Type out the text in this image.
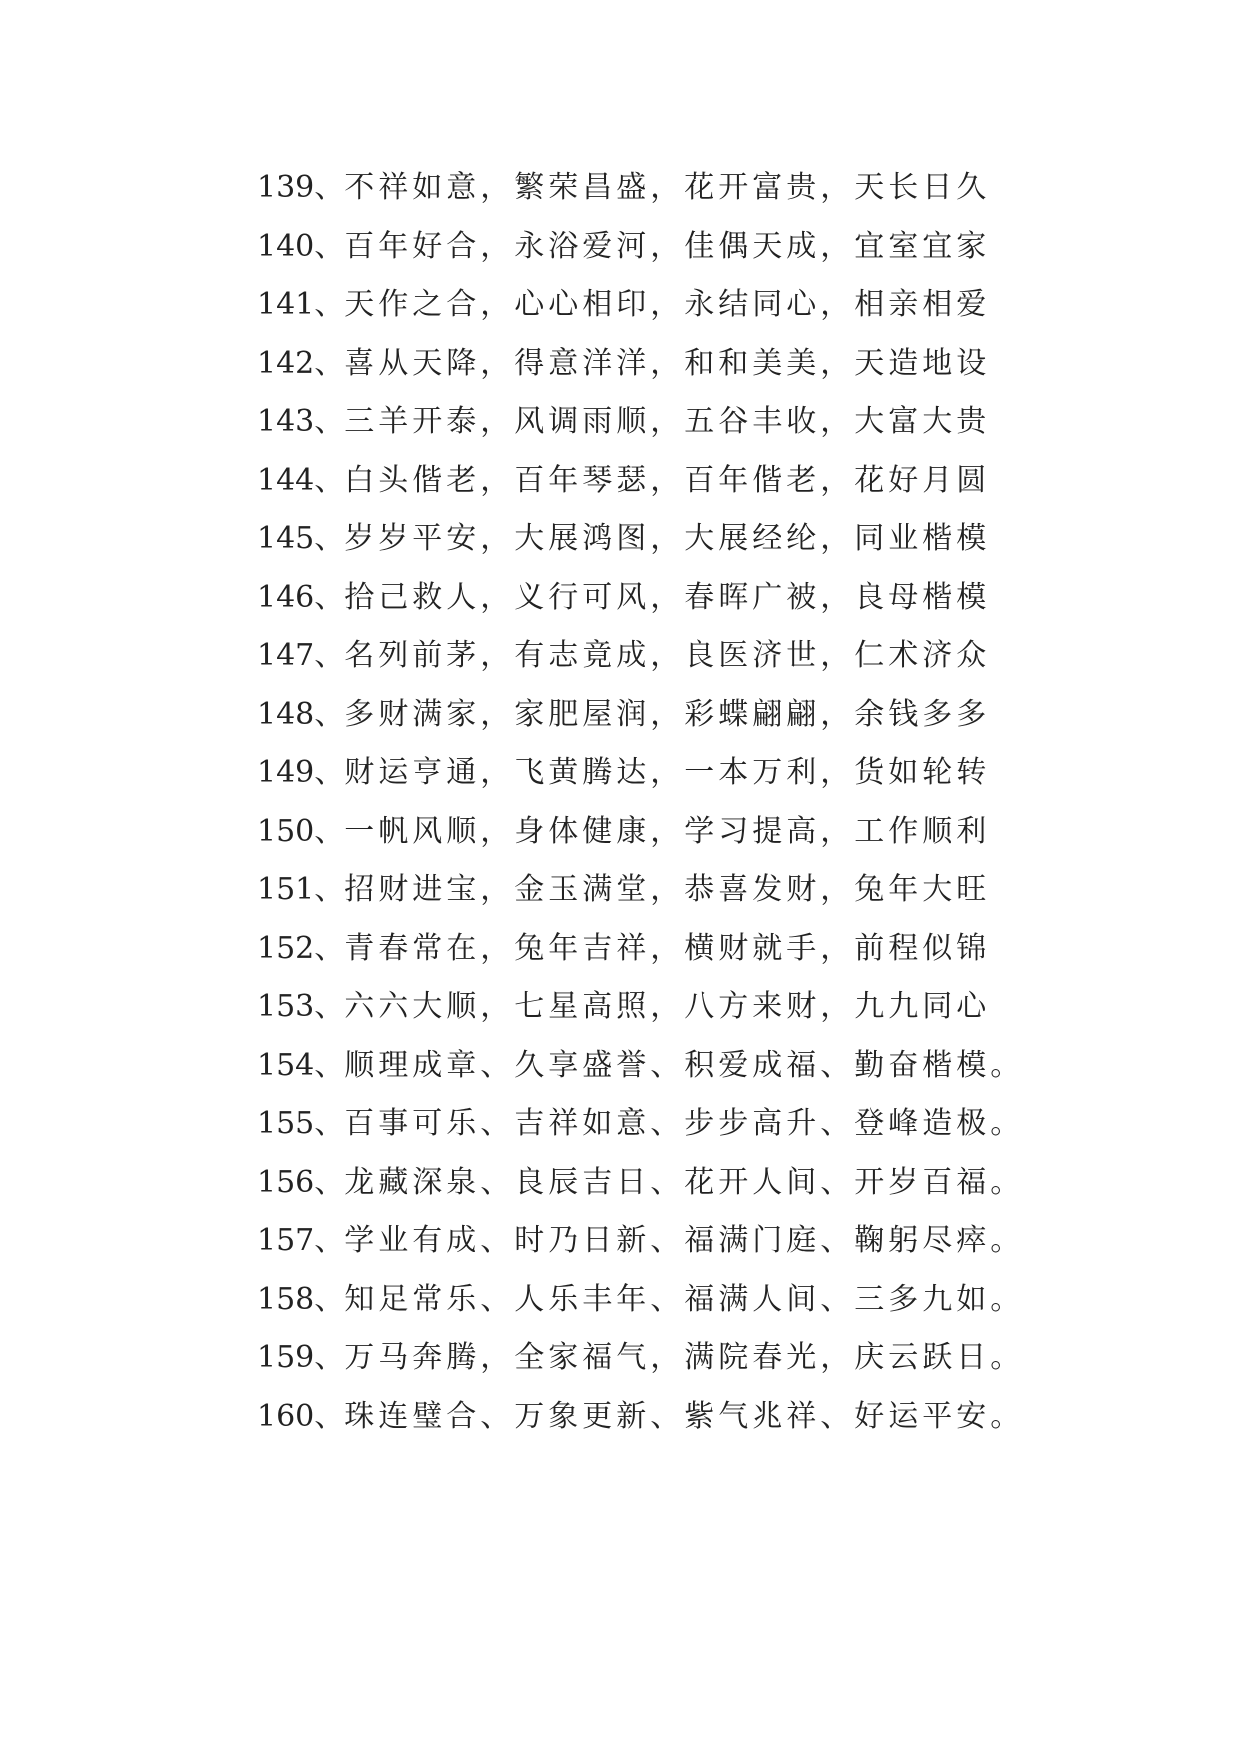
139、不祥如意，繁荣昌盛，花开富贵，天长日久
140、百年好合，永浴爱河，佳偶天成，宜室宜家
141、天作之合，心心相印，永结同心，相亲相爱
142、喜从天降，得意洋洋，和和美美，天造地设
143、三羊开泰，风调雨顺，五谷丰收，大富大贵
144、白头偕老，百年琴瑟，百年偕老，花好月圆
145、岁岁平安，大展鸿图，大展经纶，同业楷模
146、拾己救人，义行可风，春晖广被，良母楷模
147、名列前茅，有志竟成，良医济世，仁术济众
148、多财满家，家肥屋润，彩蝶翩翩，余钱多多
149、财运亨通，飞黄腾达，一本万利，货如轮转
150、一帆风顺，身体健康，学习提高，工作顺利
151、招财进宝，金玉满堂，恭喜发财，兔年大旺
152、青春常在，兔年吉祥，横财就手，前程似锦
153、六六大顺，七星高照，八方来财，九九同心
154、顺理成章、久享盛誉、积爱成福、勤奋楷模。
155、百事可乐、吉祥如意、步步高升、登峰造极。
156、龙藏深泉、良辰吉日、花开人间、开岁百福。
157、学业有成、时乃日新、福满门庭、鞠躬尽瘁。
158、知足常乐、人乐丰年、福满人间、三多九如。
159、万马奔腾，全家福气，满院春光，庆云跃日。
160、珠连璧合、万象更新、紫气兆祥、好运平安。
